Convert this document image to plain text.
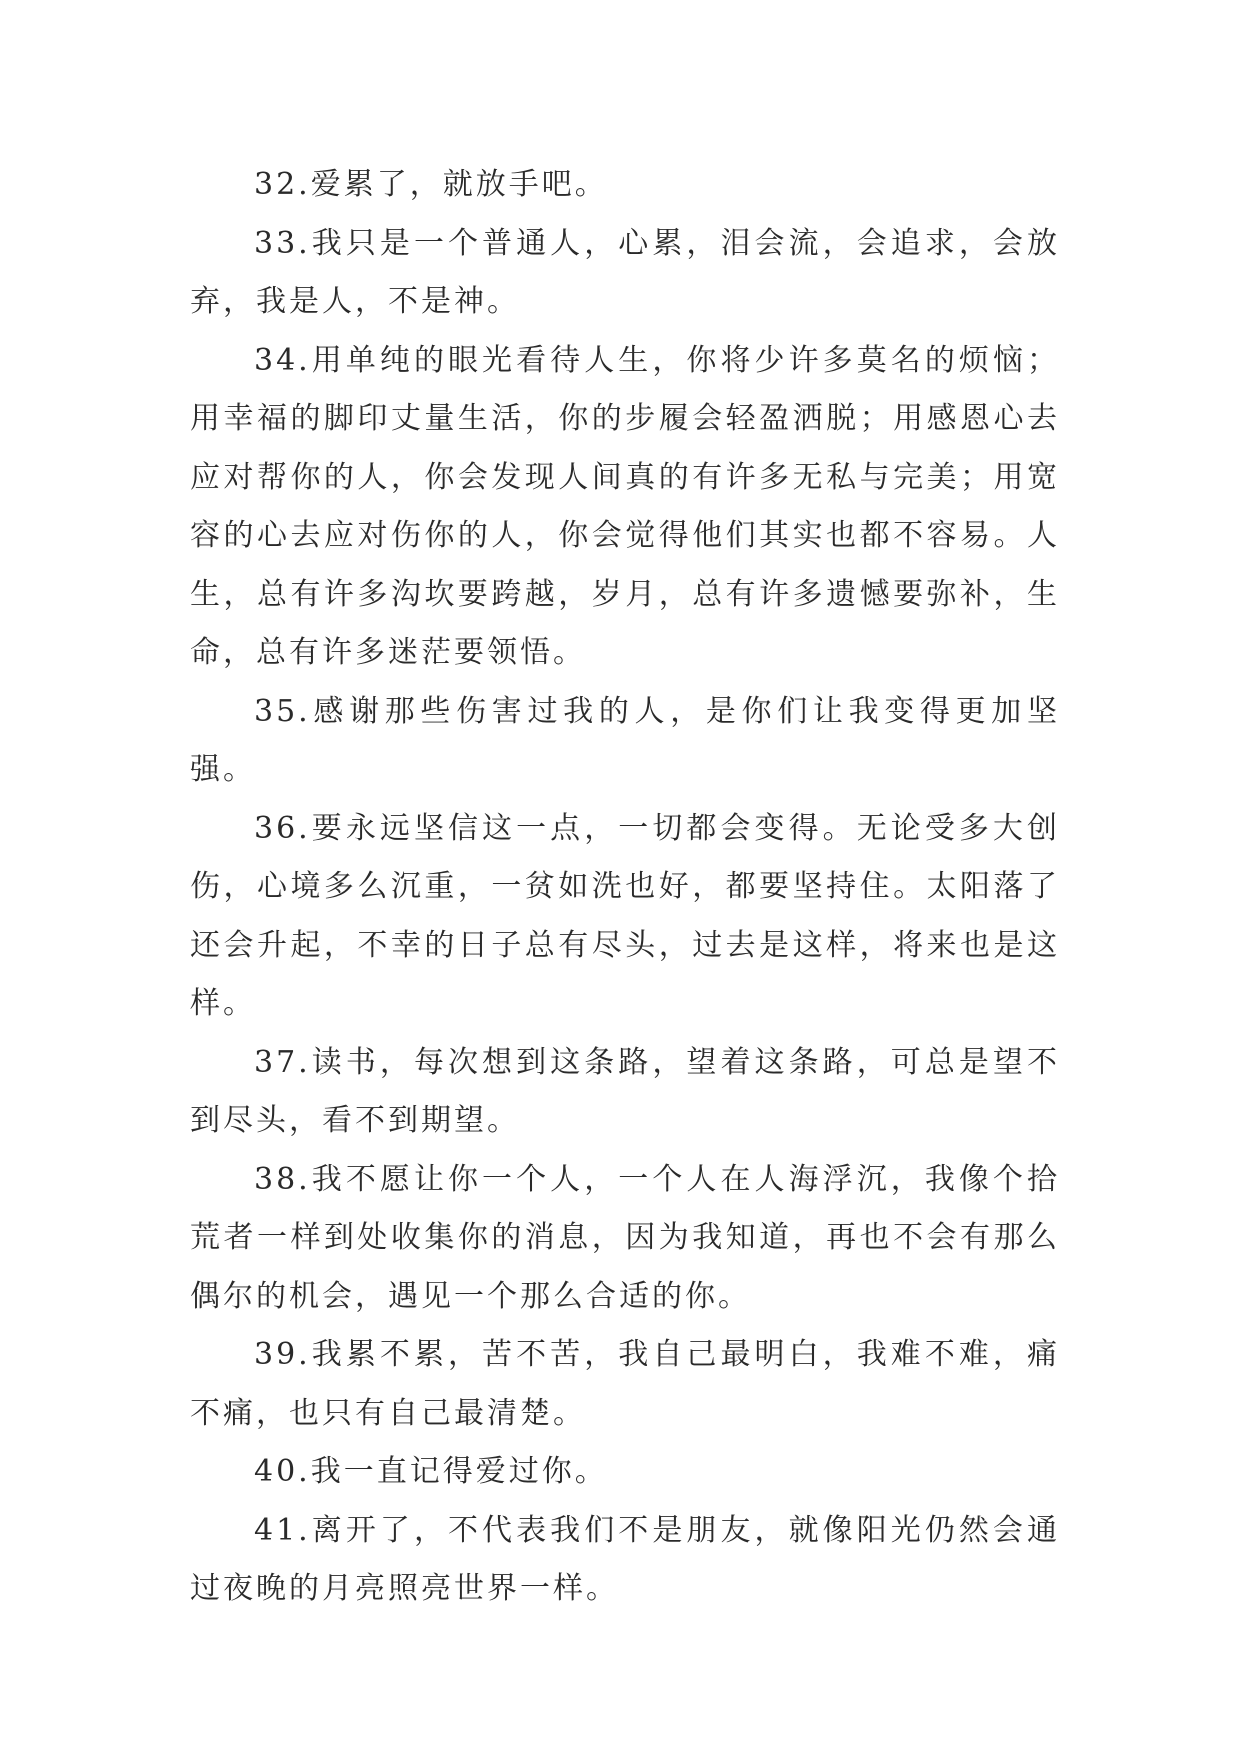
32.爱累了，就放手吧。

33.我只是一个普通人，心累，泪会流，会追求，会放弃，我是人，不是神。

34.用单纯的眼光看待人生，你将少许多莫名的烦恼；用幸福的脚印丈量生活，你的步履会轻盈洒脱；用感恩心去应对帮你的人，你会发现人间真的有许多无私与完美；用宽容的心去应对伤你的人，你会觉得他们其实也都不容易。人生，总有许多沟坎要跨越，岁月，总有许多遗憾要弥补，生命，总有许多迷茫要领悟。

35.感谢那些伤害过我的人，是你们让我变得更加坚强。

36.要永远坚信这一点，一切都会变得。无论受多大创伤，心境多么沉重，一贫如洗也好，都要坚持住。太阳落了还会升起，不幸的日子总有尽头，过去是这样，将来也是这样。

37.读书，每次想到这条路，望着这条路，可总是望不到尽头，看不到期望。

38.我不愿让你一个人，一个人在人海浮沉，我像个拾荒者一样到处收集你的消息，因为我知道，再也不会有那么偶尔的机会，遇见一个那么合适的你。

39.我累不累，苦不苦，我自己最明白，我难不难，痛不痛，也只有自己最清楚。

40.我一直记得爱过你。

41.离开了，不代表我们不是朋友，就像阳光仍然会通过夜晚的月亮照亮世界一样。
